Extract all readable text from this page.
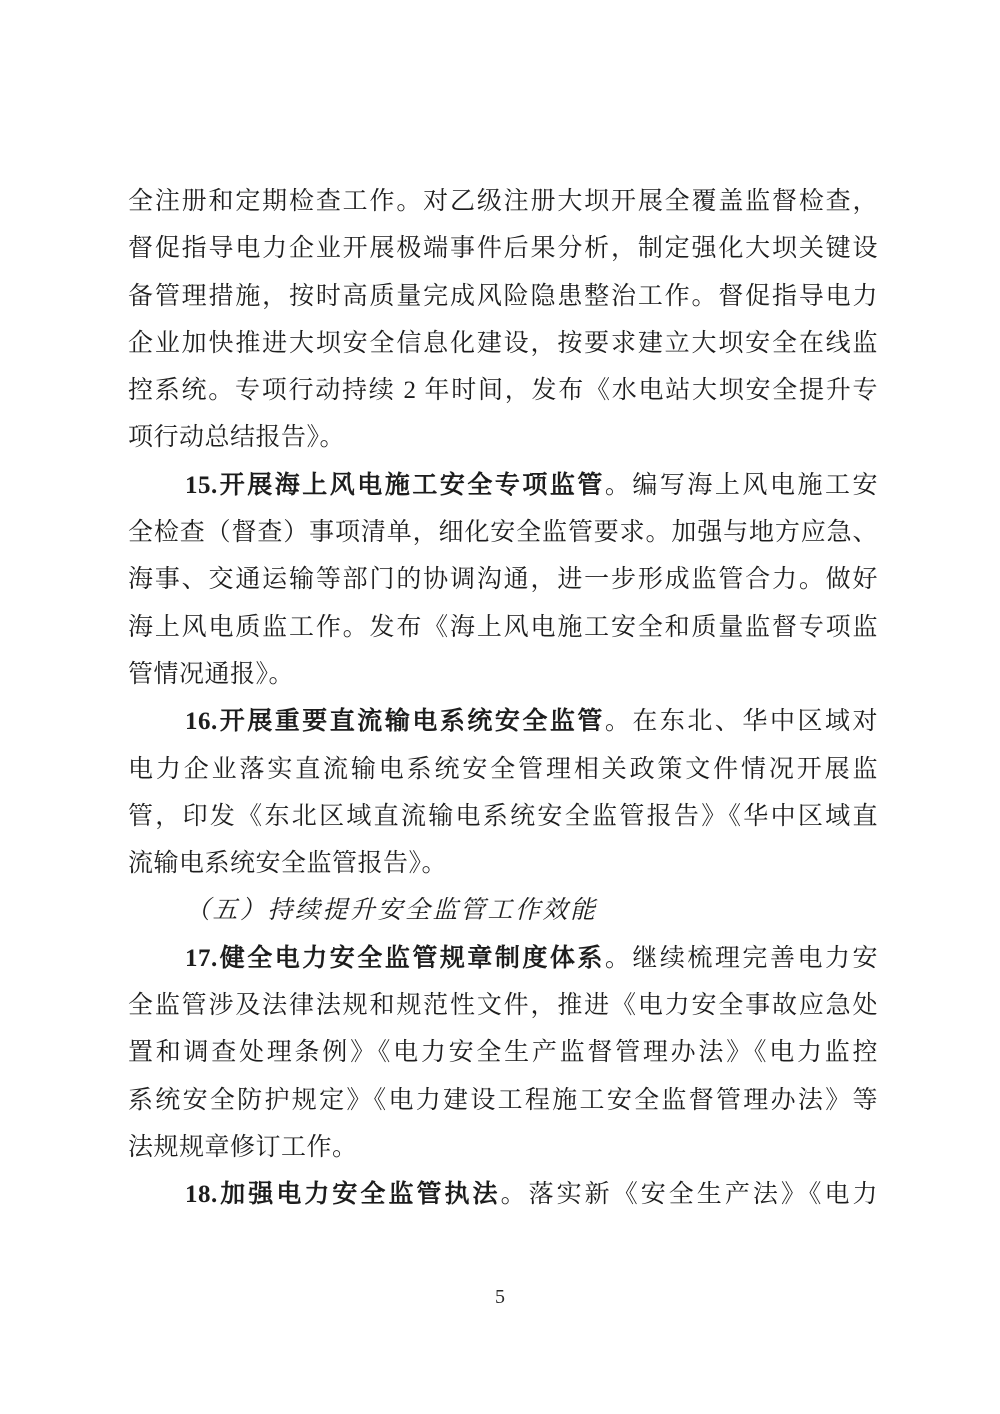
全注册和定期检查工作。对乙级注册大坝开展全覆盖监督检查，
督促指导电力企业开展极端事件后果分析，制定强化大坝关键设
备管理措施，按时高质量完成风险隐患整治工作。督促指导电力
企业加快推进大坝安全信息化建设，按要求建立大坝安全在线监
控系统。专项行动持续 2 年时间，发布《水电站大坝安全提升专
项行动总结报告》。
15.开展海上风电施工安全专项监管。编写海上风电施工安
全检查（督查）事项清单，细化安全监管要求。加强与地方应急、
海事、交通运输等部门的协调沟通，进一步形成监管合力。做好
海上风电质监工作。发布《海上风电施工安全和质量监督专项监
管情况通报》。
16.开展重要直流输电系统安全监管。在东北、华中区域对
电力企业落实直流输电系统安全管理相关政策文件情况开展监
管，印发《东北区域直流输电系统安全监管报告》《华中区域直
流输电系统安全监管报告》。
（五）持续提升安全监管工作效能
17.健全电力安全监管规章制度体系。继续梳理完善电力安
全监管涉及法律法规和规范性文件，推进《电力安全事故应急处
置和调查处理条例》《电力安全生产监督管理办法》《电力监控
系统安全防护规定》《电力建设工程施工安全监督管理办法》等
法规规章修订工作。
18.加强电力安全监管执法。落实新《安全生产法》《电力
5
